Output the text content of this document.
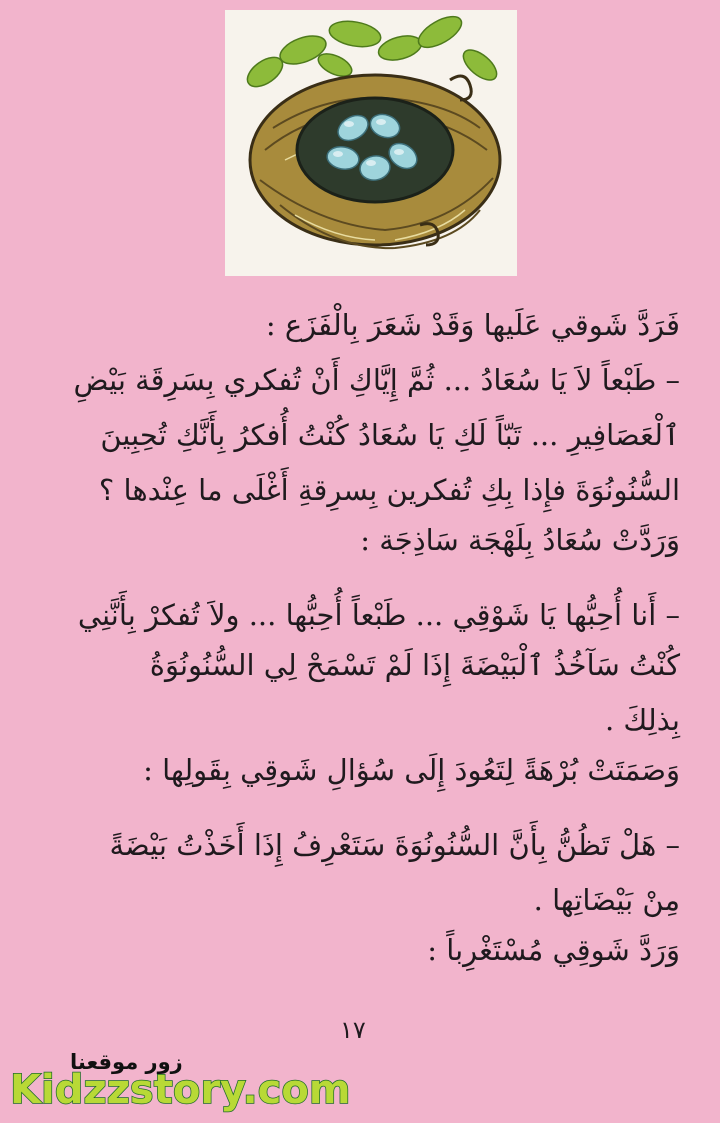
فَرَدَّ شَوقي عَلَيها وَقَدْ شَعَرَ بِالْفَزَع :
– طَبْعاً لاَ يَا سُعَادُ ... ثُمَّ إِيَّاكِ أَنْ تُفكري بِسَرِقَة بَيْضِ
ٱلْعَصَافِيرِ ... تَبّاً لَكِ يَا سُعَادُ كُنْتُ أُفكرُ بِأَنَّكِ تُحِبِينَ
السُّنُونُوَةَ فإِذا بِكِ تُفكرين بِسرِقةِ أَغْلَى ما عِنْدها ؟
وَرَدَّتْ سُعَادُ بِلَهْجَة سَاذِجَة :
– أَنا أُحِبُّها يَا شَوْقِي ... طَبْعاً أُحِبُّها ... ولاَ تُفكرْ بِأَنَّنِي
كُنْتُ سَآخُذُ ٱلْبَيْضَةَ إِذَا لَمْ تَسْمَحْ لِي السُّنُونُوَةُ
بِذلِكَ .
وَصَمَتَتْ بُرْهَةً لِتَعُودَ إِلَى سُؤالِ شَوقِي بِقَولِها :
– هَلْ تَظُنُّ بِأَنَّ السُّنُونُوَةَ سَتَعْرِفُ إِذَا أَخَذْتُ بَيْضَةً
مِنْ بَيْضَاتِها .
وَرَدَّ شَوقِي مُسْتَغْرِباً :
١٧
زور موقعنا
Kidzzstory.com
